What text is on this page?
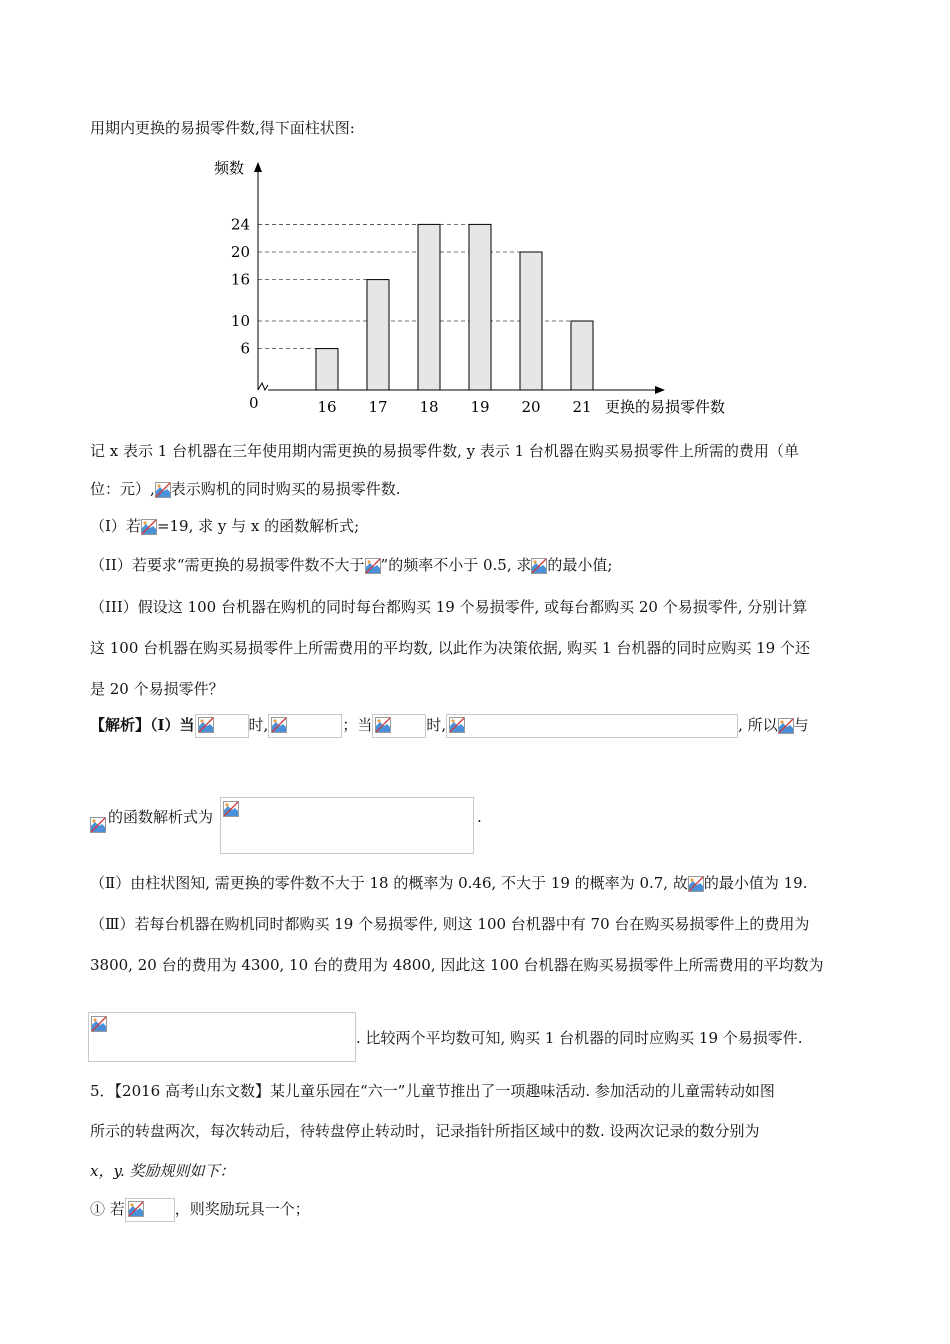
用期内更换的易损零件数,得下面柱状图:
频数
0	更换的易损零件数
6
10
16
20
24
16 17 18 19 20 21
记 x 表示 1 台机器在三年使用期内需更换的易损零件数, y 表示 1 台机器在购买易损零件上所需的费用（单
位：元）, 表示购机的同时购买的易损零件数.
（I）若 =19, 求 y 与 x 的函数解析式;
（II）若要求“需更换的易损零件数不大于 ”的频率不小于 0.5, 求 的最小值;
（III）假设这 100 台机器在购机的同时每台都购买 19 个易损零件, 或每台都购买 20 个易损零件, 分别计算
这 100 台机器在购买易损零件上所需费用的平均数, 以此作为决策依据, 购买 1 台机器的同时应购买 19 个还
是 20 个易损零件？
【解析】（I）当	时,	；当	时,	, 所以 与
的函数解析式为	.
（Ⅱ）由柱状图知, 需更换的零件数不大于 18 的概率为 0.46, 不大于 19 的概率为 0.7, 故 的最小值为 19.
（Ⅲ）若每台机器在购机同时都购买 19 个易损零件, 则这 100 台机器中有 70 台在购买易损零件上的费用为
3800, 20 台的费用为 4300, 10 台的费用为 4800, 因此这 100 台机器在购买易损零件上所需费用的平均数为
. 比较两个平均数可知, 购买 1 台机器的同时应购买 19 个易损零件.
5．【2016 高考山东文数】某儿童乐园在“六一”儿童节推出了一项趣味活动. 参加活动的儿童需转动如图
所示的转盘两次，每次转动后，待转盘停止转动时，记录指针所指区域中的数. 设两次记录的数分别为
x，y. 奖励规则如下：
① 若	，则奖励玩具一个；
